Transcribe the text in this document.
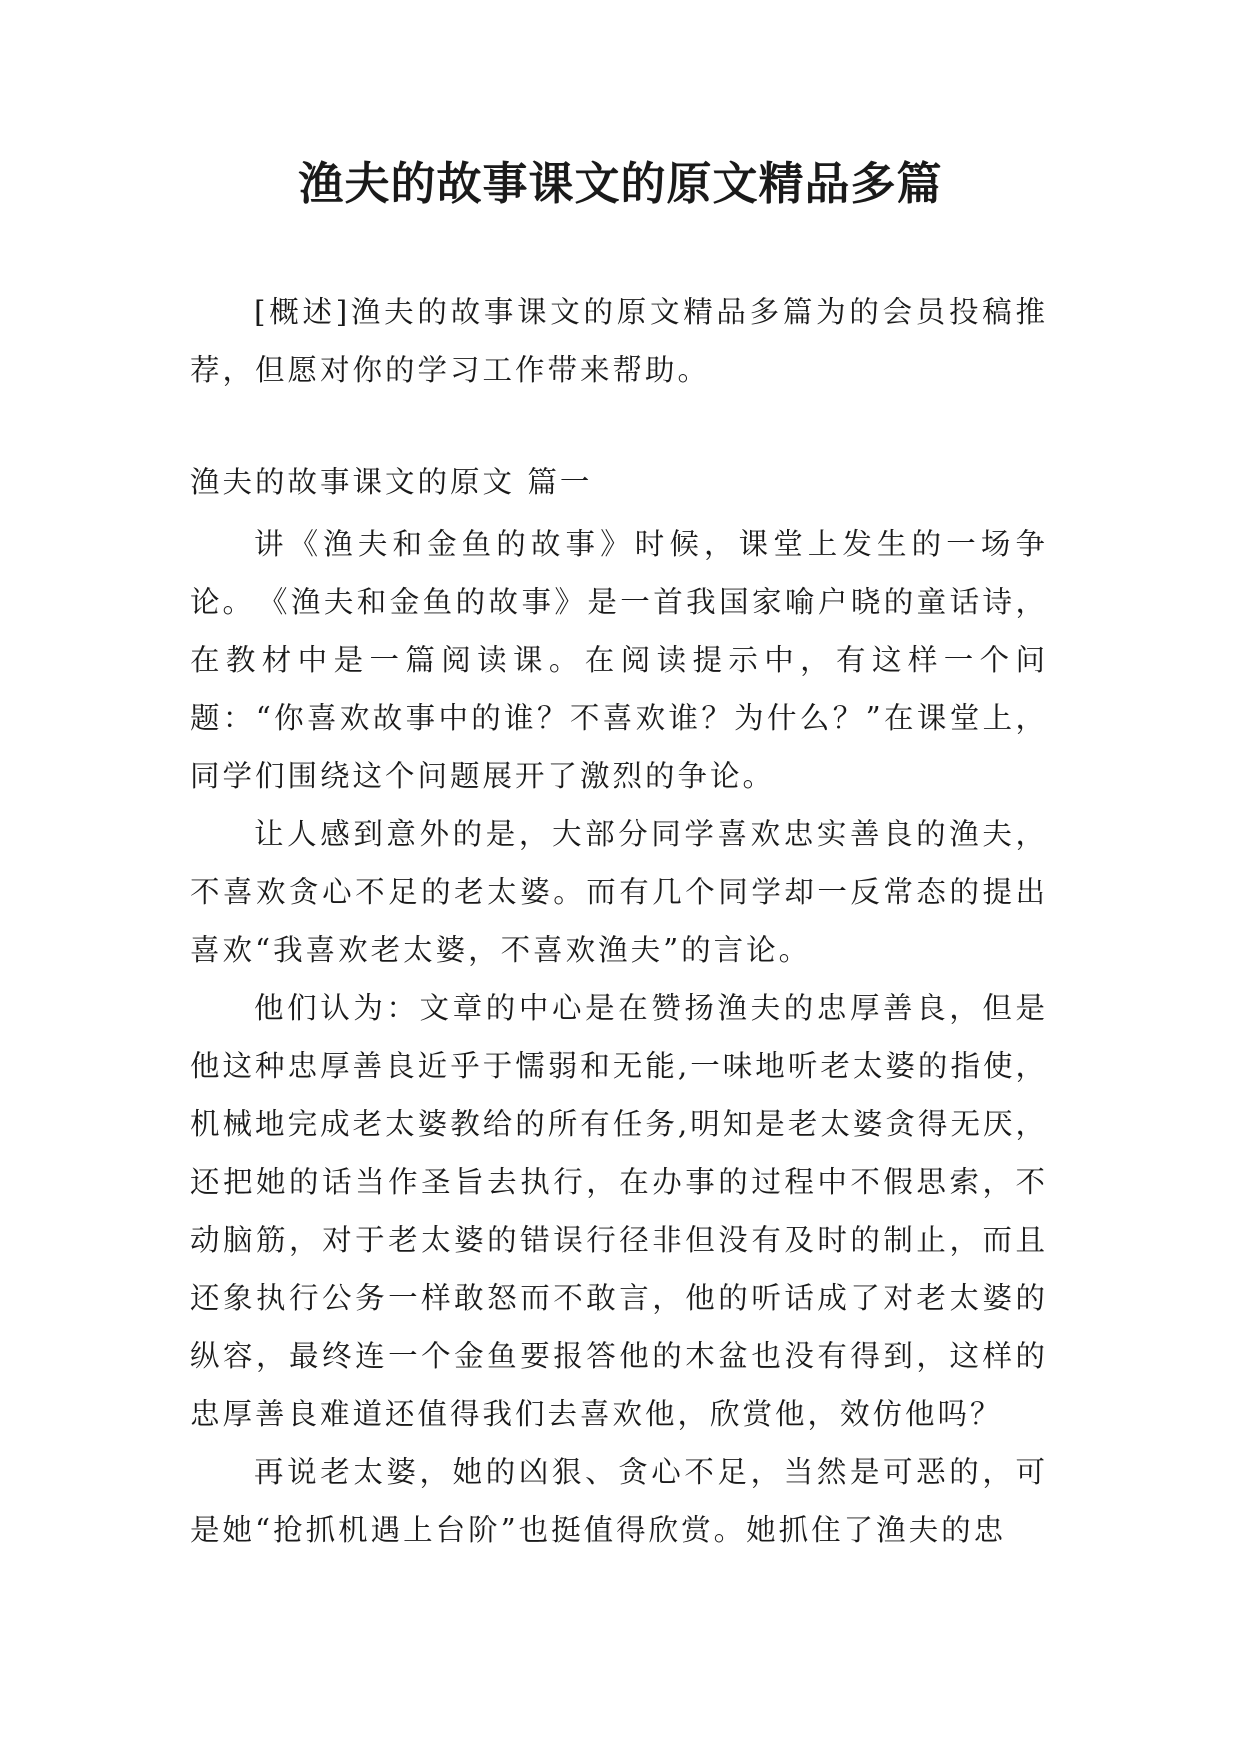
渔夫的故事课文的原文精品多篇

[概述]渔夫的故事课文的原文精品多篇为的会员投稿推荐，但愿对你的学习工作带来帮助。

渔夫的故事课文的原文 篇一

讲《渔夫和金鱼的故事》时候，课堂上发生的一场争论。 《渔夫和金鱼的故事》是一首我国家喻户晓的童话诗，在教材中是一篇阅读课。在阅读提示中，有这样一个问题：“你喜欢故事中的谁？不喜欢谁？为什么？”在课堂上，同学们围绕这个问题展开了激烈的争论。

让人感到意外的是，大部分同学喜欢忠实善良的渔夫，不喜欢贪心不足的老太婆。而有几个同学却一反常态的提出喜欢“我喜欢老太婆，不喜欢渔夫”的言论。

他们认为：文章的中心是在赞扬渔夫的忠厚善良，但是他这种忠厚善良近乎于懦弱和无能,一味地听老太婆的指使，机械地完成老太婆教给的所有任务,明知是老太婆贪得无厌，还把她的话当作圣旨去执行，在办事的过程中不假思索，不动脑筋，对于老太婆的错误行径非但没有及时的制止，而且还象执行公务一样敢怒而不敢言，他的听话成了对老太婆的纵容，最终连一个金鱼要报答他的木盆也没有得到，这样的忠厚善良难道还值得我们去喜欢他，欣赏他，效仿他吗？

再说老太婆，她的凶狠、贪心不足，当然是可恶的，可是她“抢抓机遇上台阶”也挺值得欣赏。她抓住了渔夫的忠
